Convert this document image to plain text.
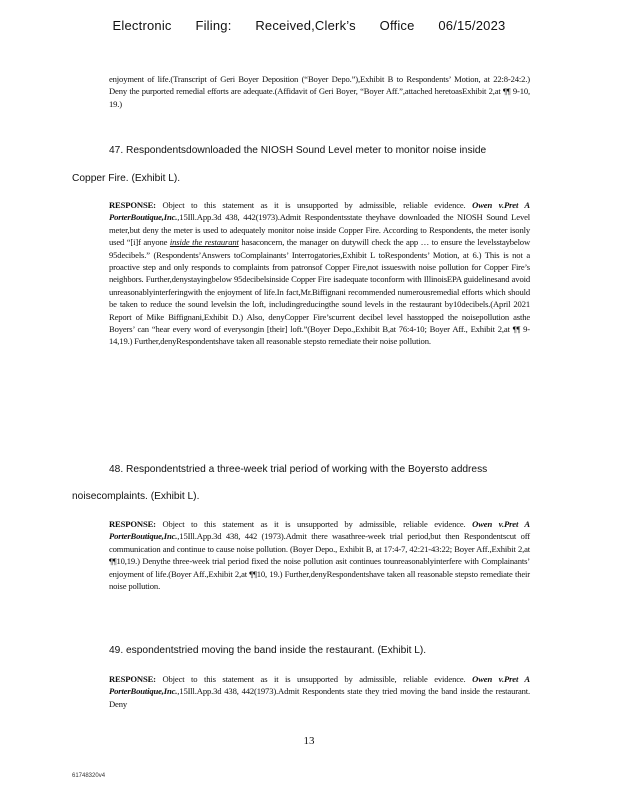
Electronic Filing: Received,Clerk’s Office 06/15/2023
enjoyment of life.(Transcript of Geri Boyer Deposition (“Boyer Depo.”),Exhibit B to Respondents’ Motion, at 22:8-24:2.) Deny the purported remedial efforts are adequate.(Affidavit of Geri Boyer, “Boyer Aff.”,attached heretoasExhibit 2,at ¶¶ 9-10, 19.)
47. Respondentsdownloaded the NIOSH Sound Level meter to monitor noise inside
Copper Fire. (Exhibit L).
RESPONSE: Object to this statement as it is unsupported by admissible, reliable evidence. Owen v.Pret A PorterBoutique,Inc.,15Ill.App.3d 438, 442(1973).Admit Respondentsstate theyhave downloaded the NIOSH Sound Level meter,but deny the meter is used to adequately monitor noise inside Copper Fire. According to Respondents, the meter isonly used “[i]f anyone inside the restaurant hasaconcern, the manager on dutywill check the app … to ensure the levelsstaybelow 95decibels.” (Respondents’Answers toComplainants’ Interrogatories,Exhibit L toRespondents’ Motion, at 6.) This is not a proactive step and only responds to complaints from patronsof Copper Fire,not issueswith noise pollution for Copper Fire’s neighbors. Further,denystayingbelow 95decibelsinside Copper Fire isadequate toconform with IllinoisEPA guidelinesand avoid unreasonablyinterferingwith the enjoyment of life.In fact,Mr.Biffignani recommended numerousremedial efforts which should be taken to reduce the sound levelsin the loft, includingreducingthe sound levels in the restaurant by10decibels.(April 2021 Report of Mike Biffignani,Exhibit D.) Also, denyCopper Fire’scurrent decibel level hasstopped the noisepollution asthe Boyers’ can “hear every word of everysongin [their] loft.”(Boyer Depo.,Exhibit B,at 76:4-10; Boyer Aff., Exhibit 2,at ¶¶ 9-14,19.) Further,denyRespondentshave taken all reasonable stepsto remediate their noise pollution.
48. Respondentstried a three-week trial period of working with the Boyersto address
noisecomplaints. (Exhibit L).
RESPONSE: Object to this statement as it is unsupported by admissible, reliable evidence. Owen v.Pret A PorterBoutique,Inc.,15Ill.App.3d 438, 442 (1973).Admit there wasathree-week trial period,but then Respondentscut off communication and continue to cause noise pollution. (Boyer Depo., Exhibit B, at 17:4-7, 42:21-43:22; Boyer Aff.,Exhibit 2,at ¶¶10,19.) Denythe three-week trial period fixed the noise pollution asit continues tounreasonablyinterfere with Complainants’ enjoyment of life.(Boyer Aff.,Exhibit 2,at ¶¶10, 19.) Further,denyRespondentshave taken all reasonable stepsto remediate their noise pollution.
49. espondentstried moving the band inside the restaurant. (Exhibit L).
RESPONSE: Object to this statement as it is unsupported by admissible, reliable evidence. Owen v.Pret A PorterBoutique,Inc.,15Ill.App.3d 438, 442(1973).Admit Respondents state they tried moving the band inside the restaurant. Deny
13
61748320v4
